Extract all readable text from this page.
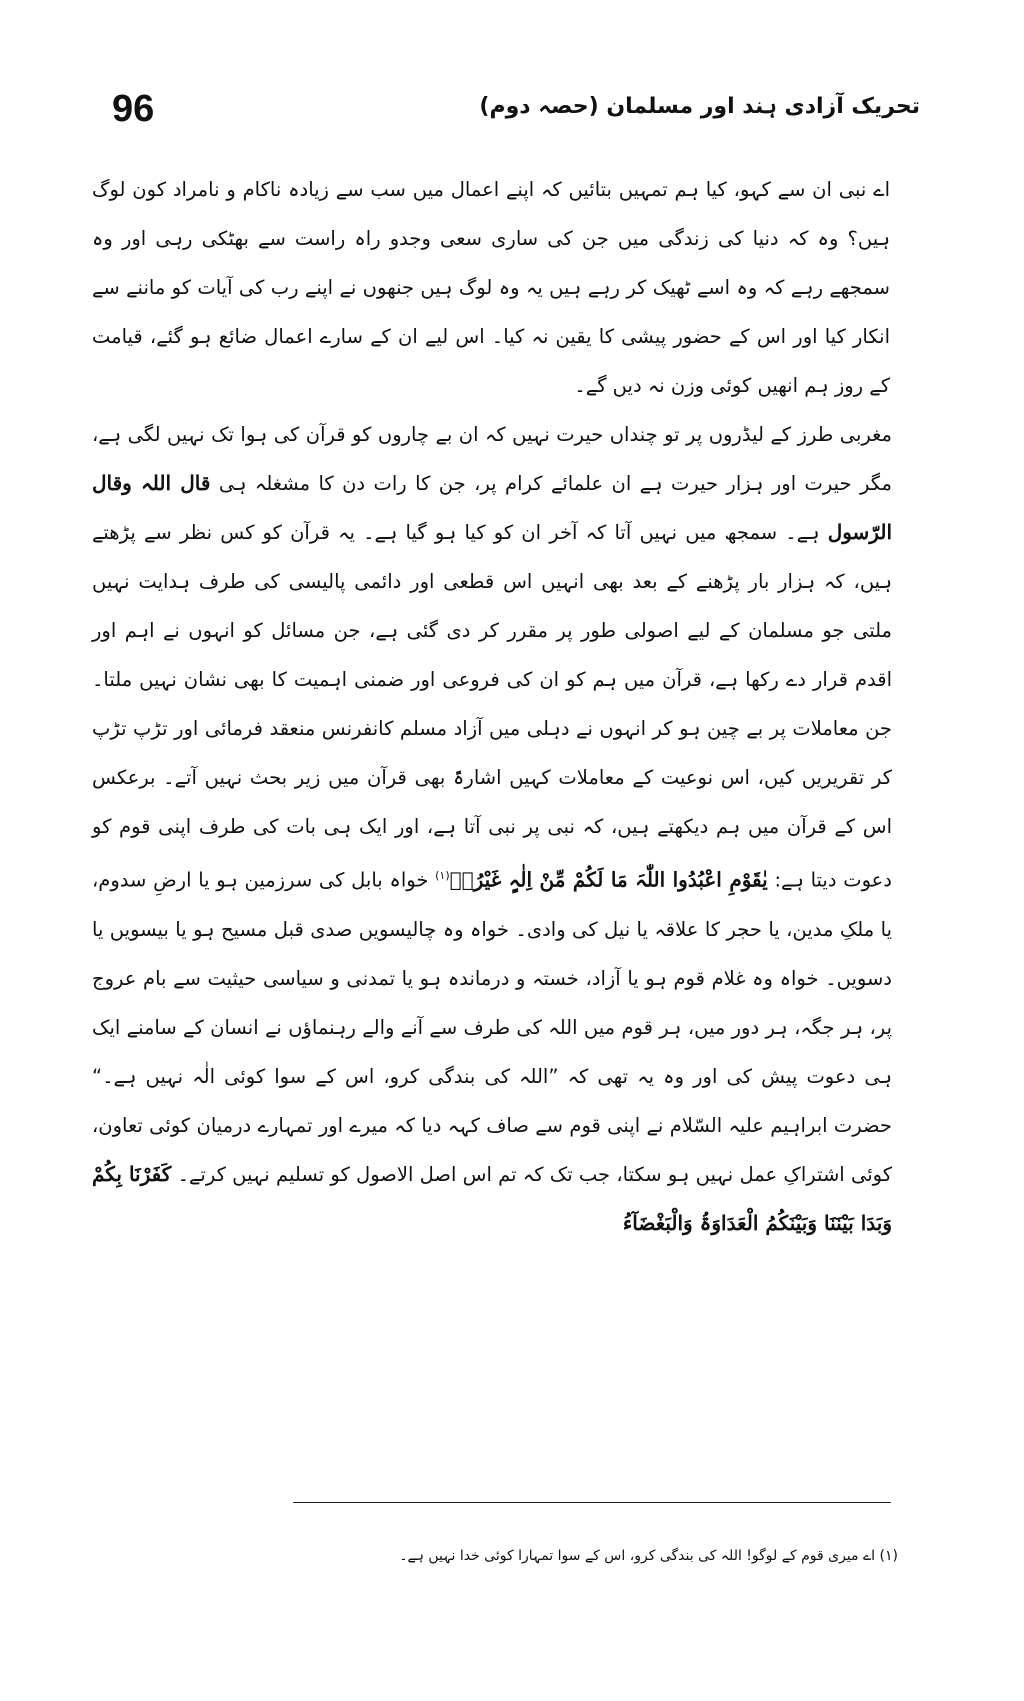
96	تحریک آزادی ہند اور مسلمان (حصہ دوم)

اے نبی ان سے کہو، کیا ہم تمہیں بتائیں کہ اپنے اعمال میں سب سے زیادہ ناکام و نامراد کون لوگ ہیں؟ وہ کہ دنیا کی زندگی میں جن کی ساری سعی وجدو راہ راست سے بھٹکی رہی اور وہ سمجھے رہے کہ وہ اسے ٹھیک کر رہے ہیں یہ وہ لوگ ہیں جنھوں نے اپنے رب کی آیات کو ماننے سے انکار کیا اور اس کے حضور پیشی کا یقین نہ کیا۔ اس لیے ان کے سارے اعمال ضائع ہو گئے، قیامت کے روز ہم انھیں کوئی وزن نہ دیں گے۔

مغربی طرز کے لیڈروں پر تو چنداں حیرت نہیں کہ ان بے چاروں کو قرآن کی ہوا تک نہیں لگی ہے، مگر حیرت اور ہزار حیرت ہے ان علمائے کرام پر، جن کا رات دن کا مشغلہ ہی قال اللہ وقال الرّسول ہے۔ سمجھ میں نہیں آتا کہ آخر ان کو کیا ہو گیا ہے۔ یہ قرآن کو کس نظر سے پڑھتے ہیں، کہ ہزار بار پڑھنے کے بعد بھی انہیں اس قطعی اور دائمی پالیسی کی طرف ہدایت نہیں ملتی جو مسلمان کے لیے اصولی طور پر مقرر کر دی گئی ہے، جن مسائل کو انہوں نے اہم اور اقدم قرار دے رکھا ہے، قرآن میں ہم کو ان کی فروعی اور ضمنی اہمیت کا بھی نشان نہیں ملتا۔ جن معاملات پر بے چین ہو کر انہوں نے دہلی میں آزاد مسلم کانفرنس منعقد فرمائی اور تڑپ تڑپ کر تقریریں کیں، اس نوعیت کے معاملات کہیں اشارۃً بھی قرآن میں زیر بحث نہیں آتے۔ برعکس اس کے قرآن میں ہم دیکھتے ہیں، کہ نبی پر نبی آتا ہے، اور ایک ہی بات کی طرف اپنی قوم کو دعوت دیتا ہے: یٰقَوْمِ اعْبُدُوا اللّٰہَ مَا لَکُمْ مِّنْ اِلٰہٍ غَیْرُہٗ$^{(۱)}$ خواہ بابل کی سرزمین ہو یا ارضِ سدوم، یا ملکِ مدین، یا حجر کا علاقہ یا نیل کی وادی۔ خواہ وہ چالیسویں صدی قبل مسیح ہو یا بیسویں یا دسویں۔ خواہ وہ غلام قوم ہو یا آزاد، خستہ و درماندہ ہو یا تمدنی و سیاسی حیثیت سے بام عروج پر، ہر جگہ، ہر دور میں، ہر قوم میں اللہ کی طرف سے آنے والے رہنماؤں نے انسان کے سامنے ایک ہی دعوت پیش کی اور وہ یہ تھی کہ ”اللہ کی بندگی کرو، اس کے سوا کوئی الٰہ نہیں ہے۔“ حضرت ابراہیم علیہ السّلام نے اپنی قوم سے صاف کہہ دیا کہ میرے اور تمہارے درمیان کوئی تعاون، کوئی اشتراکِ عمل نہیں ہو سکتا، جب تک کہ تم اس اصل الاصول کو تسلیم نہیں کرتے۔ کَفَرْنَا بِکُمْ وَبَدَا بَیْنَنَا وَبَیْنَکُمُ الْعَدَاوَۃُ وَالْبَغْضَآءُ

(۱) اے میری قوم کے لوگو! اللہ کی بندگی کرو، اس کے سوا تمہارا کوئی خدا نہیں ہے۔
